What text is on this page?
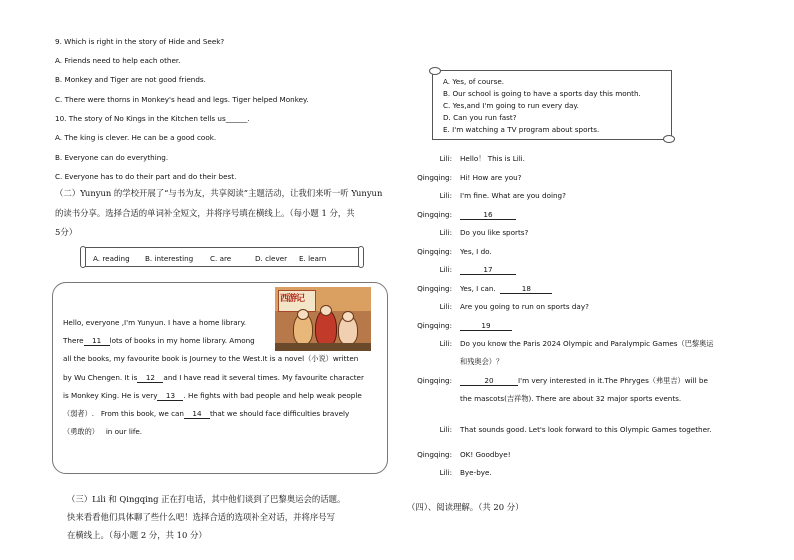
9. Which is right in the story of Hide and Seek?
A. Friends need to help each other.
B. Monkey and Tiger are not good friends.
C. There were thorns in Monkey's head and legs. Tiger helped Monkey.
10. The story of No Kings in the Kitchen tells us______.
A. The king is clever. He can be a good cook.
B. Everyone can do everything.
C. Everyone has to do their part and do their best.
（二）Yunyun 的学校开展了“与书为友，共享阅读”主题活动，让我们来听一听 Yunyun
的读书分享。选择合适的单词补全短文，并将序号填在横线上。（每小题 1 分，共
5分）
A. reading B. interesting C. are	D. clever E. learn
西游记
Hello, everyone ,I'm Yunyun. I have a home library.
There 11 lots of books in my home library. Among
all the books, my favourite book is Journey to the West.It is a novel（小说）written
by Wu Chengen. It is 12 and I have read it several times. My favourite character
is Monkey King. He is very 13 . He fights with bad people and help weak people
（弱者）. From this book, we can 14 that we should face difficulties bravely
（勇敢的） in our life.
（三）Lili 和 Qingqing 正在打电话，其中他们谈到了巴黎奥运会的话题。
快来看看他们具体聊了些什么吧！选择合适的选项补全对话，并将序号写
在横线上。（每小题 2 分，共 10 分）
A. Yes, of course.
B. Our school is going to have a sports day this month.
C. Yes,and I'm going to run every day.
D. Can you run fast?
E. I'm watching a TV program about sports.
Lili: Hello！ This is Lili.
Qingqing: Hi! How are you?
Lili: I'm fine. What are you doing?
Qingqing:	16
Lili: Do you like sports?
Qingqing: Yes, I do.
Lili:	17
Qingqing: Yes, I can.	18
Lili: Are you going to run on sports day?
Qingqing:	19
Lili: Do you know the Paris 2024 Olympic and Paralympic Games（巴黎奥运
和残奥会）？
Qingqing:	20	I'm very interested in it.The Phryges（弗里吉）will be
the mascots(吉祥物). There are about 32 major sports events.
Lili: That sounds good. Let's look forward to this Olympic Games together.
Qingqing: OK! Goodbye!
Lili: Bye-bye.
（四）、阅读理解。（共 20 分）
